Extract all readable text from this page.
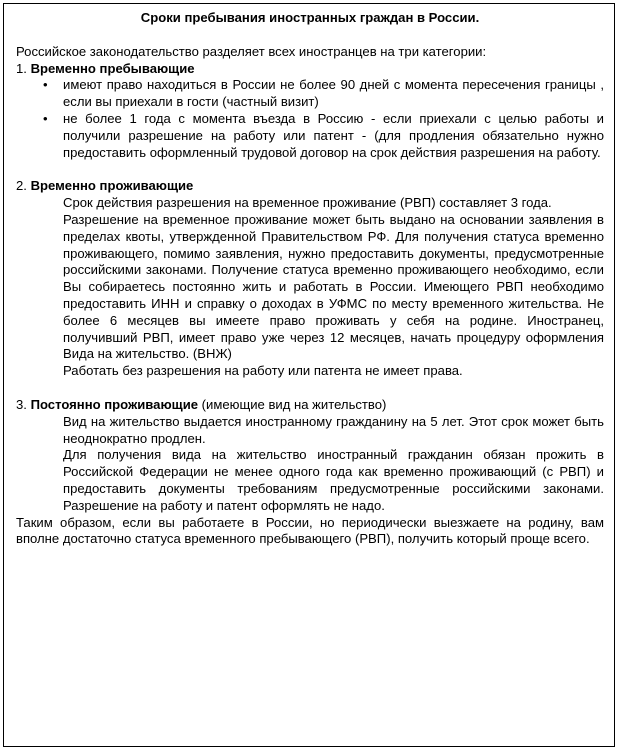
Сроки пребывания иностранных граждан в России.

Российское законодательство разделяет всех иностранцев на три категории:

1. Временно пребывающие

• имеют право находиться в России не более 90 дней с момента пересечения границы , если вы приехали в гости (частный визит)
• не более 1 года с момента въезда в Россию - если приехали с целью работы и получили разрешение на работу или патент - (для продления обязательно нужно предоставить оформленный трудовой договор на срок действия разрешения на работу.

2. Временно проживающие

Срок действия разрешения на временное проживание (РВП) составляет 3 года.

Разрешение на временное проживание может быть выдано на основании заявления в пределах квоты, утвержденной Правительством РФ. Для получения статуса временно проживающего, помимо заявления, нужно предоставить документы, предусмотренные российскими законами. Получение статуса временно проживающего необходимо, если Вы собираетесь постоянно жить и работать в России. Имеющего РВП необходимо предоставить ИНН и справку о доходах в УФМС по месту временного жительства. Не более 6 месяцев вы имеете право проживать у себя на родине. Иностранец, получивший РВП, имеет право уже через 12 месяцев, начать процедуру оформления Вида на жительство. (ВНЖ)

Работать без разрешения на работу или патента не имеет права.

3. Постоянно проживающие (имеющие вид на жительство)

Вид на жительство выдается иностранному гражданину на 5 лет. Этот срок может быть неоднократно продлен.

Для получения вида на жительство иностранный гражданин обязан прожить в Российской Федерации не менее одного года как временно проживающий (с РВП) и предоставить документы требованиям предусмотренные российскими законами. Разрешение на работу и патент оформлять не надо.

Таким образом, если вы работаете в России, но периодически выезжаете на родину, вам вполне достаточно статуса временного пребывающего (РВП), получить который проще всего.
